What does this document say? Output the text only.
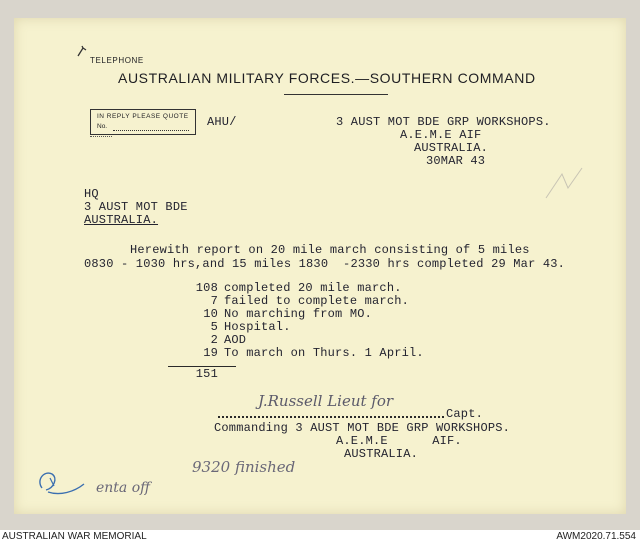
TELEPHONE
AUSTRALIAN MILITARY FORCES.—SOUTHERN COMMAND
IN REPLY PLEASE QUOTE
No.	AHU/	3 AUST MOT BDE GRP WORKSHOPS.
A.E.M.E AIF
AUSTRALIA.
30MAR 43
HQ
3 AUST MOT BDE
AUSTRALIA.
Herewith report on 20 mile march consisting of 5 miles
0830 - 1030 hrs,and 15 miles 1830  -2330 hrs completed 29 Mar 43.
108 completed 20 mile march.
7 failed to complete march.
10 No marching from MO.
5 Hospital.
2 AOD
19 To march on Thurs. 1 April.
151
J.Russell Lieut for
Capt.
Commanding 3 AUST MOT BDE GRP WORKSHOPS.
A.E.M.E      AIF.
AUSTRALIA.
9320 finished
enta off
AUSTRALIAN WAR MEMORIAL	AWM2020.71.554
